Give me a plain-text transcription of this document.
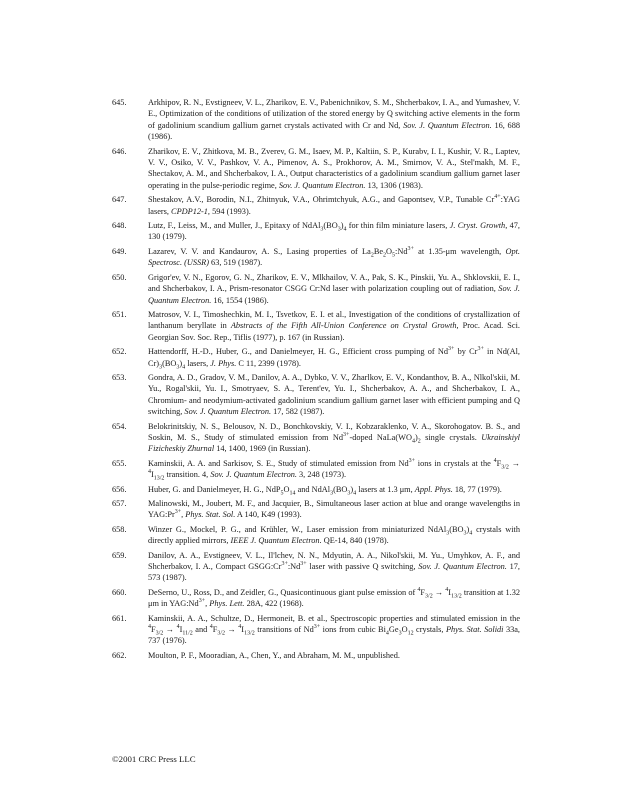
645.	Arkhipov, R. N., Evstigneev, V. L., Zharikov, E. V., Pabenichnikov, S. M., Shcherbakov, I. A., and Yumashev, V. E., Optimization of the conditions of utilization of the stored energy by Q switching active elements in the form of gadolinium scandium gallium garnet crystals activated with Cr and Nd, Sov. J. Quantum Electron. 16, 688 (1986).
646.	Zharikov, E. V., Zhitkova, M. B., Zverev, G. M., Isaev, M. P., Kaltiin, S. P., Kurabv, I. I., Kushir, V. R., Laptev, V. V., Osiko, V. V., Pashkov, V. A., Pimenov, A. S., Prokhorov, A. M., Smirnov, V. A., Stel'makh, M. F., Shectakov, A. M., and Shcherbakov, I. A., Output characteristics of a gadolinium scandium gallium garnet laser operating in the pulse-periodic regime, Sov. J. Quantum Electron. 13, 1306 (1983).
647.	Shestakov, A.V., Borodin, N.I., Zhitnyuk, V.A., Ohrimtchyuk, A.G., and Gapontsev, V.P., Tunable $Cr^{4+}:YAG$ lasers, CPDP12-1, 594 (1993).
648.	Lutz, F., Leiss, M., and Muller, J., Epitaxy of $NdAl_3(BO_3)_4$ for thin film miniature lasers, J. Cryst. Growth, 47, 130 (1979).
649.	Lazarev, V. V. and Kandaurov, A. S., Lasing properties of $La_2Be_2O_5:Nd^{3+}$ at 1.35-μm wavelength, Opt. Spectrosc. (USSR) 63, 519 (1987).
650.	Grigor'ev, V. N., Egorov, G. N., Zharikov, E. V., Mlkhailov, V. A., Pak, S. K., Pinskii, Yu. A., Shklovskii, E. I., and Shcherbakov, I. A., Prism-resonator CSGG Cr:Nd laser with polarization coupling out of radiation, Sov. J. Quantum Electron. 16, 1554 (1986).
651.	Matrosov, V. I., Timoshechkin, M. I., Tsvetkov, E. I. et al., Investigation of the conditions of crystallization of lanthanum beryllate in Abstracts of the Fifth All-Union Conference on Crystal Growth, Proc. Acad. Sci. Georgian Sov. Soc. Rep., Tiflis (1977), p. 167 (in Russian).
652.	Hattendorff, H.-D., Huber, G., and Danielmeyer, H. G., Efficient cross pumping of $Nd^{3+}$ by $Cr^{3+}$ in Nd(Al, $Cr)_3(BO_3)_4$ lasers, J. Phys. C 11, 2399 (1978).
653.	Gondra, A. D., Gradov, V. M., Danilov, A. A., Dybko, V. V., Zharlkov, E. V., Kondanthov, B. A., Nlkol'skii, M. Yu., Rogal'skii, Yu. I., Smotryaev, S. A., Terent'ev, Yu. I., Shcherbakov, A. A., and Shcherbakov, I. A., Chromium- and neodymium-activated gadolinium scandium gallium garnet laser with efficient pumping and Q switching, Sov. J. Quantum Electron. 17, 582 (1987).
654.	Belokrinitskiy, N. S., Belousov, N. D., Bonchkovskiy, V. I., Kobzaraklenko, V. A., Skorohogatov. B. S., and Soskin, M. S., Study of stimulated emission from $Nd^{3+}$-doped $NaLa(WO_4)_2$ single crystals. Ukrainskiyl Fizicheskiy Zhurnal 14, 1400, 1969 (in Russian).
655.	Kaminskii, A. A. and Sarkisov, S. E., Study of stimulated emission from $Nd^{3+}$ ions in crystals at the $^4F_{3/2} \to ^4I_{13/2}$ transition. 4, Sov. J. Quantum Electron. 3, 248 (1973).
656.	Huber, G. and Danielmeyer, H. G., $NdP_5O_{14}$ and $NdAl_3(BO_3)_4$ lasers at 1.3 μm, Appl. Phys. 18, 77 (1979).
657.	Malinowski, M., Joubert, M. F., and Jacquier, B., Simultaneous laser action at blue and orange wavelengths in $YAG:Pr^{3+}$, Phys. Stat. Sol. A 140, K49 (1993).
658.	Winzer G., Mockel, P. G., and Krühler, W., Laser emission from miniaturized $NdAl_3(BO_3)_4$ crystals with directly applied mirrors, IEEE J. Quantum Electron. QE-14, 840 (1978).
659.	Danilov, A. A., Evstigneev, V. L., Il'lchev, N. N., Mdyutin, A. A., Nikol'skii, M. Yu., Umyhkov, A. F., and Shcherbakov, I. A., Compact $GSGG:Cr^{3+}:Nd^{3+}$ laser with passive Q switching, Sov. J. Quantum Electron. 17, 573 (1987).
660.	DeSerno, U., Ross, D., and Zeidler, G., Quasicontinuous giant pulse emission of $^4F_{3/2} \to ^4I_{13/2}$ transition at 1.32 μm in $YAG:Nd^{3+}$, Phys. Lett. 28A, 422 (1968).
661.	Kaminskii, A. A., Schultze, D., Hermoneit, B. et al., Spectroscopic properties and stimulated emission in the $^4F_{3/2} \to ^4I_{11/2}$ and $^4F_{3/2} \to ^4I_{13/2}$ transitions of $Nd^{3+}$ ions from cubic $Bi_4Ge_3O_{12}$ crystals, Phys. Stat. Solidi 33a, 737 (1976).
662.	Moulton, P. F., Mooradian, A., Chen, Y., and Abraham, M. M., unpublished.
©2001 CRC Press LLC
